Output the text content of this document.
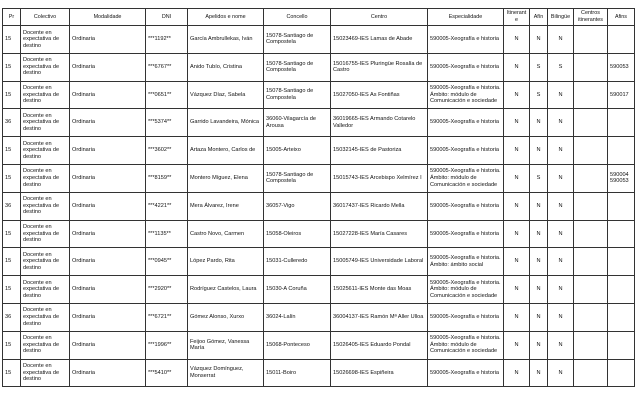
Pr	Colectivo	Modalidade	DNI	Apelidos e nome	Concello	Centro	Especialidade	Itinerante	Afín	Bilingüe	Centros itinerantes	Afins
15	Docente en expectativa de destino	Ordinaria	***1192**	García Ambrullekas, Iván	15078-Santiago de Compostela	15023469-IES Lamas de Abade	590005-Xeografía e historia	N	N	N		
15	Docente en expectativa de destino	Ordinaria	***6767**	Anido Tubío, Cristina	15078-Santiago de Compostela	15016755-IES Pluringüe Rosalía de Castro	590005-Xeografía e historia	N	S	S		590053
15	Docente en expectativa de destino	Ordinaria	***0651**	Vázquez Díaz, Sabela	15078-Santiago de Compostela	15027050-IES As Fontiñas	590005-Xeografía e historia. Ámbito: módulo de Comunicación e sociedade	N	S	N		590017
36	Docente en expectativa de destino	Ordinaria	***5374**	Garrido Lavandeira, Mónica	36060-Vilagarcía de Arousa	36019665-IES Armando Cotarelo Valledor	590005-Xeografía e historia	N	N	N		
15	Docente en expectativa de destino	Ordinaria	***3602**	Artaza Montero, Carlos de	15005-Arteixo	15032145-IES de Pastoriza	590005-Xeografía e historia	N	N	N		
15	Docente en expectativa de destino	Ordinaria	***8159**	Montero Míguez, Elena	15078-Santiago de Compostela	15015743-IES Arcebispo Xelmírez I	590005-Xeografía e historia. Ámbito: módulo de Comunicación e sociedade	N	S	N		590004 590053
36	Docente en expectativa de destino	Ordinaria	***4221**	Mera Álvarez, Irene	36057-Vigo	36017437-IES Ricardo Mella	590005-Xeografía e historia	N	N	N		
15	Docente en expectativa de destino	Ordinaria	***1135**	Castro Novo, Carmen	15058-Oleiros	15027228-IES María Casares	590005-Xeografía e historia	N	N	N		
15	Docente en expectativa de destino	Ordinaria	***0945**	López Pardo, Rita	15031-Culleredo	15005749-IES Universidade Laboral	590005-Xeografía e historia. Ámbito: ámbito social	N	N	N		
15	Docente en expectativa de destino	Ordinaria	***2920**	Rodríguez Castelos, Laura	15030-A Coruña	15025611-IES Monte das Moas	590005-Xeografía e historia. Ámbito: módulo de Comunicación e sociedade	N	N	N		
36	Docente en expectativa de destino	Ordinaria	***6721**	Gómez Alonso, Xurxo	36024-Lalín	36004137-IES Ramón Mª Aller Ulloa	590005-Xeografía e historia	N	N	N		
15	Docente en expectativa de destino	Ordinaria	***1996**	Feijoo Gómez, Vanessa María	15068-Ponteceso	15026405-IES Eduardo Pondal	590005-Xeografía e historia. Ámbito: módulo de Comunicación e sociedade	N	N	N		
15	Docente en expectativa de destino	Ordinaria	***5410**	Vázquez Domínguez, Monserrat	15011-Boiro	15026698-IES Espiñeira	590005-Xeografía e historia	N	N	N		
